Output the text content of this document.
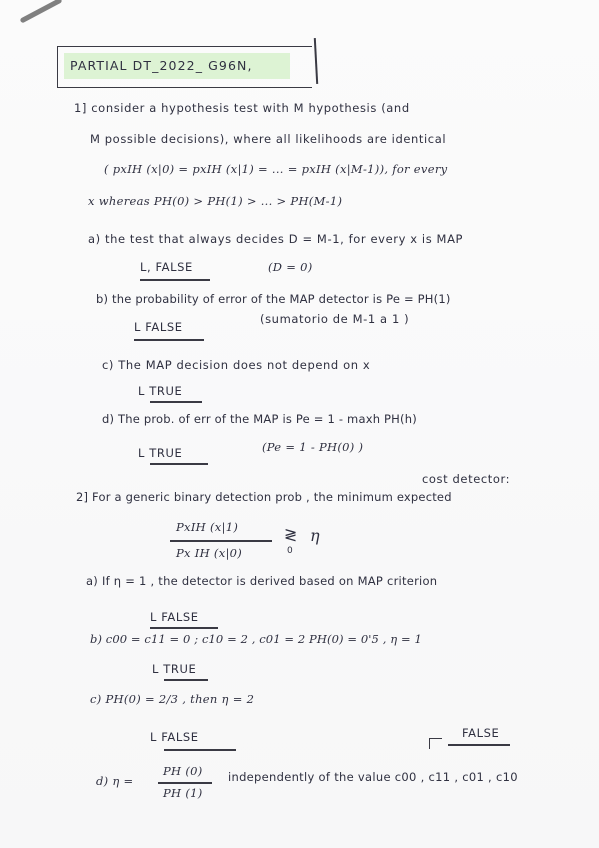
PARTIAL DT_2022_ G96N,
1] consider a hypothesis test with M hypothesis (and
M possible decisions), where all likelihoods are identical
( pxIH (x|0) = pxIH (x|1) = ... = pxIH (x|M-1)), for every
x whereas PH(0) > PH(1) > ... > PH(M-1)
a) the test that always decides D = M-1, for every x is MAP
L, FALSE	(D = 0)
b) the probability of error of the MAP detector is Pe = PH(1)
L FALSE
(sumatorio de M-1 a 1 )
c) The MAP decision does not depend on x
L TRUE
d) The prob. of err of the MAP is Pe = 1 - maxh PH(h)
L TRUE	(Pe = 1 - PH(0) )
2] For a generic binary detection prob , the minimum expected
cost detector:
PxIH (x|1)
Px IH (x|0)
≷
0
η
a) If η = 1 , the detector is derived based on MAP criterion
L FALSE
b) c00 = c11 = 0 ; c10 = 2 , c01 = 2 PH(0) = 0'5 , η = 1
L TRUE
c) PH(0) = 2/3 , then η = 2
L FALSE	FALSE
d) η =
PH (0)
PH (1)
independently of the value c00 , c11 , c01 , c10
